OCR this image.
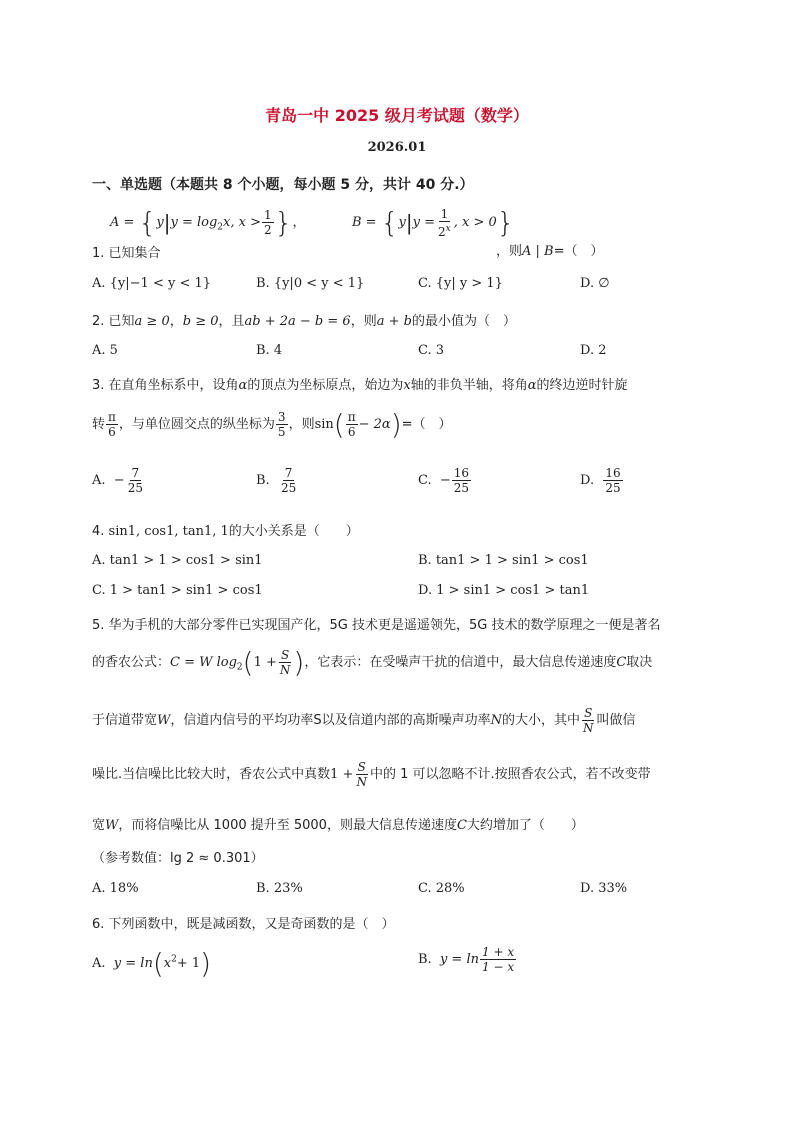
青岛一中 2025 级月考试题（数学）
2026.01
一、单选题（本题共 8 个小题，每小题 5 分，共计 40 分.）
$A = \{y|y = \log_2x$, $x > \frac{1}{2}$ }，	$B = \{y|y = \frac{1}{2^x}$ , x > 0}
1. 已知集合	，则A | B=（　）
A. {y|−1 < y < 1}	B. {y|0 < y < 1}	C. {y| y > 1}	D. ∅
2. 已知a ≥ 0，b ≥ 0，且ab + 2a − b = 6，则a + b的最小值为（　）
A. 5	B. 4	C. 3	D. 2
3. 在直角坐标系中，设角α的顶点为坐标原点，始边为x轴的非负半轴，将角α的终边逆时针旋
转 $\frac{\pi}{6}$ ，与单位圆交点的纵坐标为 $\frac{3}{5}$ ，则$\sin( \frac{\pi}{6} - 2\alpha)=$（　）
A. − $\frac{7}{25}$	B. $\frac{7}{25}$	C. − $\frac{16}{25}$	D. $\frac{16}{25}$
4. sin1, cos1, tan1, 1的大小关系是（　　）
A. tan1 > 1 > cos1 > sin1	B. tan1 > 1 > sin1 > cos1
C. 1 > tan1 > sin1 > cos1	D. 1 > sin1 > cos1 > tan1
5. 华为手机的大部分零件已实现国产化，5G 技术更是遥遥领先，5G 技术的数学原理之一便是著名
的香农公式：C = W $\log_2(1 + \frac{S}{N}$ )，它表示：在受噪声干扰的信道中，最大信息传递速度C取决
于信道带宽W，信道内信号的平均功率S以及信道内部的高斯噪声功率N的大小，其中 $\frac{S}{N}$ 叫做信
噪比.当信噪比比较大时，香农公式中真数$1 + \frac{S}{N}$ 中的 1 可以忽略不计.按照香农公式，若不改变带
宽W，而将信噪比从 1000 提升至 5000，则最大信息传递速度C大约增加了（　　）
（参考数值：lg 2 ≈ 0.301）
A. 18%	B. 23%	C. 28%	D. 33%
6. 下列函数中，既是减函数，又是奇函数的是（　）
A. $y = \ln(x^2+ 1)$	B. $y = \ln \frac{1 + x}{1 - x}$
